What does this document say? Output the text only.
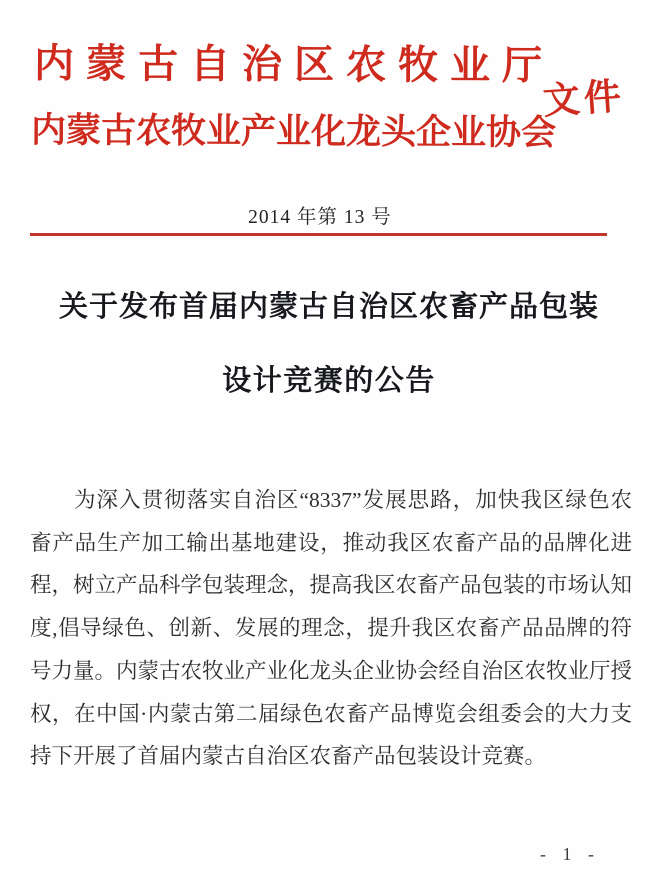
内蒙古自治区农牧业厅
文件
内蒙古农牧业产业化龙头企业协会
2014 年第 13 号
关于发布首届内蒙古自治区农畜产品包装
设计竞赛的公告
为深入贯彻落实自治区“8337”发展思路，加快我区绿色农
畜产品生产加工输出基地建设，推动我区农畜产品的品牌化进
程，树立产品科学包装理念，提高我区农畜产品包装的市场认知
度,倡导绿色、创新、发展的理念，提升我区农畜产品品牌的符
号力量。内蒙古农牧业产业化龙头企业协会经自治区农牧业厅授
权，在中国·内蒙古第二届绿色农畜产品博览会组委会的大力支
持下开展了首届内蒙古自治区农畜产品包装设计竞赛。
- 1 -
